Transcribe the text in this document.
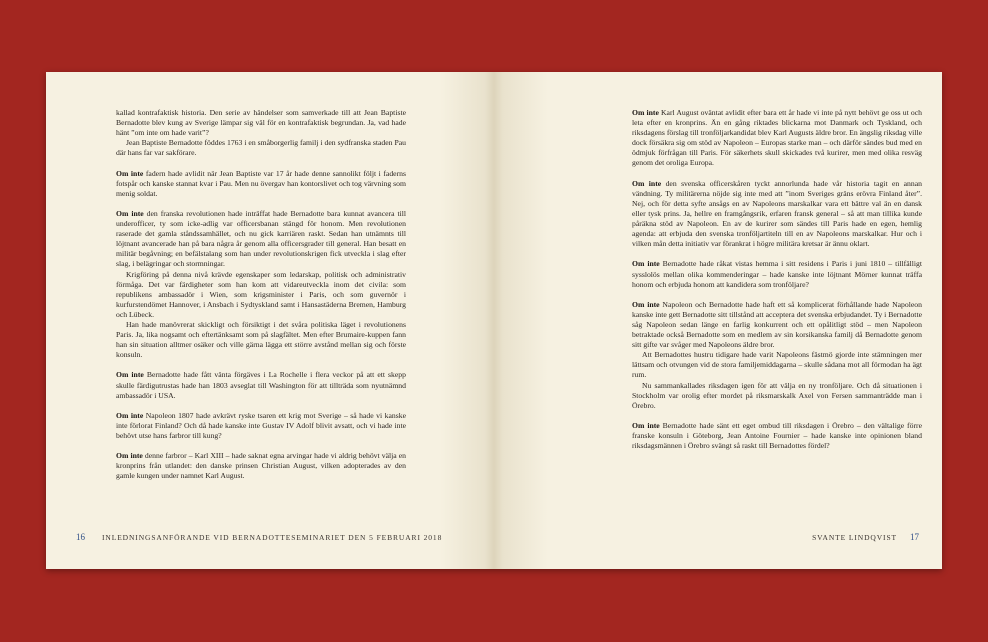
kallad kontrafaktisk historia. Den serie av händelser som samverkade till att Jean Baptiste Bernadotte blev kung av Sverige lämpar sig väl för en kontrafaktisk begrundan. Ja, vad hade hänt ”om inte om hade varit”?

Jean Baptiste Bernadotte föddes 1763 i en småborgerlig familj i den sydfranska staden Pau där hans far var sakförare.

Om inte fadern hade avlidit när Jean Baptiste var 17 år hade denne sannolikt följt i faderns fotspår och kanske stannat kvar i Pau. Men nu övergav han kontorslivet och tog värvning som menig soldat.

Om inte den franska revolutionen hade inträffat hade Bernadotte bara kunnat avancera till underofficer, ty som icke-adlig var officersbanan stängd för honom. Men revolutionen raserade det gamla ståndssamhället, och nu gick karriären raskt. Sedan han utnämnts till löjtnant avancerade han på bara några år genom alla officersgrader till general. Han besatt en militär begåvning; en befälstalang som han under revolutionskrigen fick utveckla i slag efter slag, i belägringar och stormningar.

Krigföring på denna nivå krävde egenskaper som ledarskap, politisk och administrativ förmåga. Det var färdigheter som han kom att vidareutveckla inom det civila: som republikens ambassadör i Wien, som krigsminister i Paris, och som guvernör i kurfurstendömet Hannover, i Ansbach i Sydtyskland samt i Hansastäderna Bremen, Hamburg och Lübeck.

Han hade manövrerat skickligt och försiktigt i det svåra politiska läget i revolutionens Paris. Ja, lika nogsamt och eftertänksamt som på slagfältet. Men efter Brumaire-kuppen fann han sin situation alltmer osäker och ville gärna lägga ett större avstånd mellan sig och förste konsuln.

Om inte Bernadotte hade fått vänta förgäves i La Rochelle i flera veckor på att ett skepp skulle färdigutrustas hade han 1803 avseglat till Washington för att tillträda som nyutnämnd ambassadör i USA.

Om inte Napoleon 1807 hade avkrävt ryske tsaren ett krig mot Sverige – så hade vi kanske inte förlorat Finland? Och då hade kanske inte Gustav IV Adolf blivit avsatt, och vi hade inte behövt utse hans farbror till kung?

Om inte denne farbror – Karl XIII – hade saknat egna arvingar hade vi aldrig behövt välja en kronprins från utlandet: den danske prinsen Christian August, vilken adopterades av den gamle kungen under namnet Karl August.

16 INLEDNINGSANFÖRANDE VID BERNADOTTESEMINARIET DEN 5 FEBRUARI 2018

Om inte Karl August oväntat avlidit efter bara ett år hade vi inte på nytt behövt ge oss ut och leta efter en kronprins. Än en gång riktades blickarna mot Danmark och Tyskland, och riksdagens förslag till tronföljarkandidat blev Karl Augusts äldre bror. En ängslig riksdag ville dock försäkra sig om stöd av Napoleon – Europas starke man – och därför sändes bud med en ödmjuk förfrågan till Paris. För säkerhets skull skickades två kurirer, men med olika resväg genom det oroliga Europa.

Om inte den svenska officerskåren tyckt annorlunda hade vår historia tagit en annan vändning. Ty militärerna nöjde sig inte med att ”inom Sveriges gräns erövra Finland åter”. Nej, och för detta syfte ansågs en av Napoleons marskalkar vara ett bättre val än en dansk eller tysk prins. Ja, hellre en framgångsrik, erfaren fransk general – så att man tillika kunde påräkna stöd av Napoleon. En av de kurirer som sändes till Paris hade en egen, hemlig agenda: att erbjuda den svenska tronföljartiteln till en av Napoleons marskalkar. Hur och i vilken mån detta initiativ var förankrat i högre militära kretsar är ännu oklart.

Om inte Bernadotte hade råkat vistas hemma i sitt residens i Paris i juni 1810 – tillfälligt sysslolös mellan olika kommenderingar – hade kanske inte löjtnant Mörner kunnat träffa honom och erbjuda honom att kandidera som tronföljare?

Om inte Napoleon och Bernadotte hade haft ett så komplicerat förhållande hade Napoleon kanske inte gett Bernadotte sitt tillstånd att acceptera det svenska erbjudandet. Ty i Bernadotte såg Napoleon sedan länge en farlig konkurrent och ett opålitligt stöd – men Napoleon betraktade också Bernadotte som en medlem av sin korsikanska familj då Bernadotte genom sitt gifte var svåger med Napoleons äldre bror.

Att Bernadottes hustru tidigare hade varit Napoleons fästmö gjorde inte stämningen mer lättsam och otvungen vid de stora familjemiddagarna – skulle sådana mot all förmodan ha ägt rum.

Nu sammankallades riksdagen igen för att välja en ny tronföljare. Och då situationen i Stockholm var orolig efter mordet på riksmarskalk Axel von Fersen sammanträdde man i Örebro.

Om inte Bernadotte hade sänt ett eget ombud till riksdagen i Örebro – den vältalige förre franske konsuln i Göteborg, Jean Antoine Fournier – hade kanske inte opinionen bland riksdagsmännen i Örebro svängt så raskt till Bernadottes fördel?

SVANTE LINDQVIST 17
